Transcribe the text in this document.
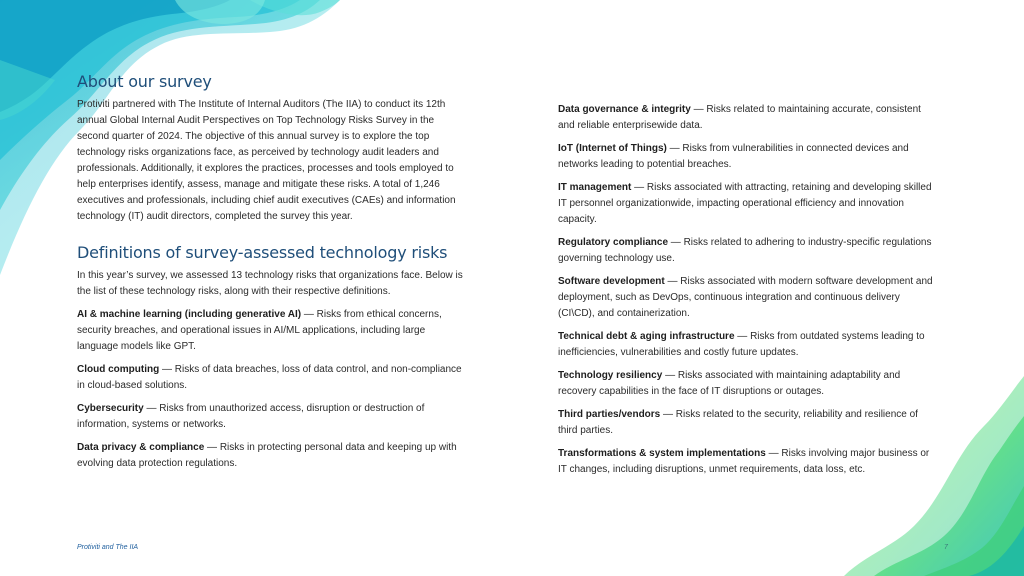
About our survey

Protiviti partnered with The Institute of Internal Auditors (The IIA) to conduct its 12th annual Global Internal Audit Perspectives on Top Technology Risks Survey in the second quarter of 2024. The objective of this annual survey is to explore the top technology risks organizations face, as perceived by technology audit leaders and professionals. Additionally, it explores the practices, processes and tools employed to help enterprises identify, assess, manage and mitigate these risks. A total of 1,246 executives and professionals, including chief audit executives (CAEs) and information technology (IT) audit directors, completed the survey this year.

Definitions of survey-assessed technology risks

In this year’s survey, we assessed 13 technology risks that organizations face. Below is the list of these technology risks, along with their respective definitions.

AI & machine learning (including generative AI) — Risks from ethical concerns, security breaches, and operational issues in AI/ML applications, including large language models like GPT.

Cloud computing — Risks of data breaches, loss of data control, and non-compliance in cloud-based solutions.

Cybersecurity — Risks from unauthorized access, disruption or destruction of information, systems or networks.

Data privacy & compliance — Risks in protecting personal data and keeping up with evolving data protection regulations.

Data governance & integrity — Risks related to maintaining accurate, consistent and reliable enterprisewide data.

IoT (Internet of Things) — Risks from vulnerabilities in connected devices and networks leading to potential breaches.

IT management — Risks associated with attracting, retaining and developing skilled IT personnel organizationwide, impacting operational efficiency and innovation capacity.

Regulatory compliance — Risks related to adhering to industry-specific regulations governing technology use.

Software development — Risks associated with modern software development and deployment, such as DevOps, continuous integration and continuous delivery (CI\CD), and containerization.

Technical debt & aging infrastructure — Risks from outdated systems leading to inefficiencies, vulnerabilities and costly future updates.

Technology resiliency — Risks associated with maintaining adaptability and recovery capabilities in the face of IT disruptions or outages.

Third parties/vendors — Risks related to the security, reliability and resilience of third parties.

Transformations & system implementations — Risks involving major business or IT changes, including disruptions, unmet requirements, data loss, etc.

Protiviti and The IIA	7
